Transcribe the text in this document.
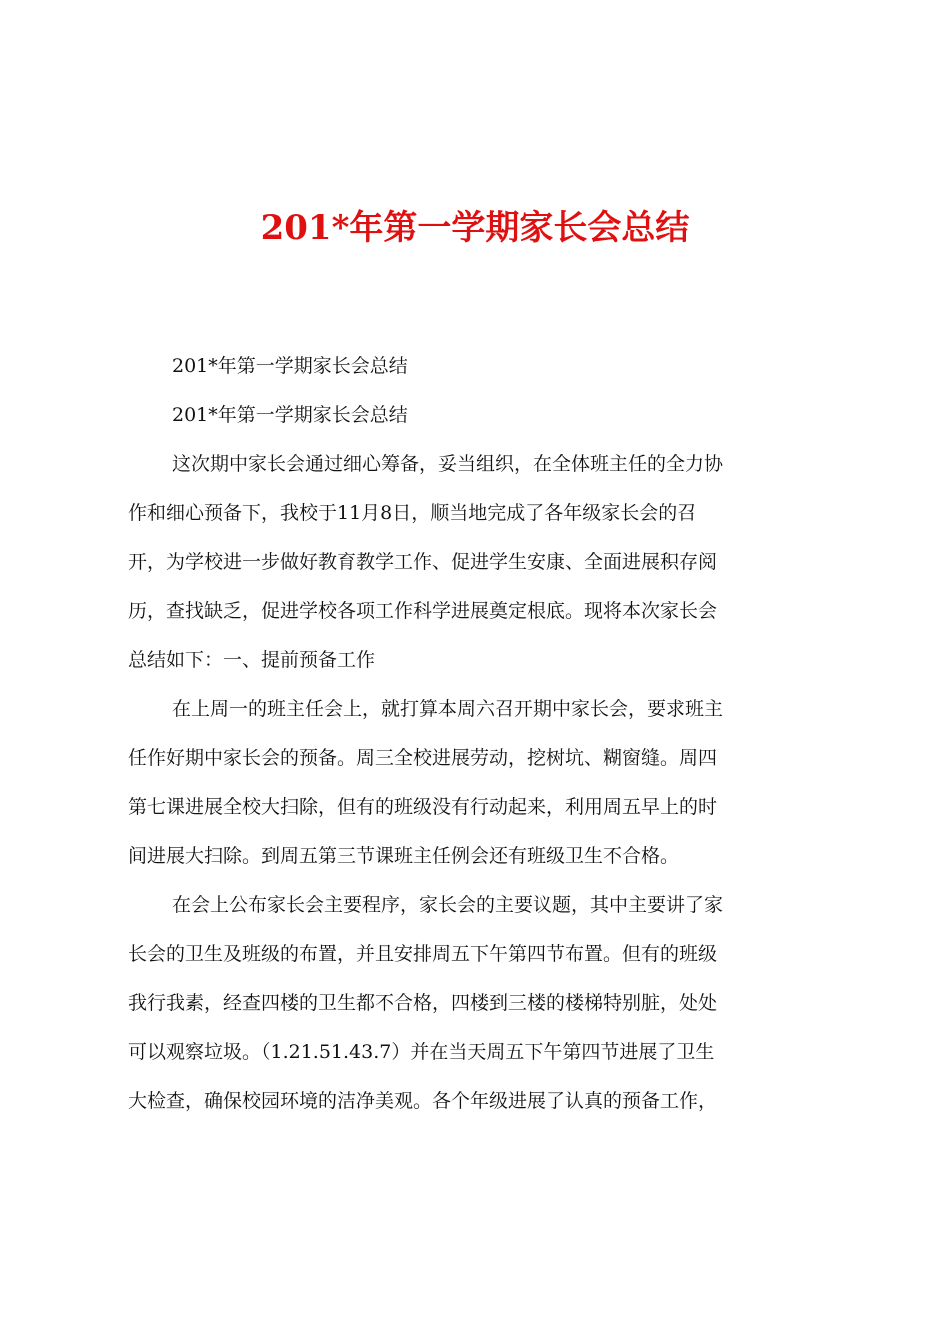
201*年第一学期家长会总结
201*年第一学期家长会总结
201*年第一学期家长会总结
这次期中家长会通过细心筹备，妥当组织，在全体班主任的全力协
作和细心预备下，我校于11月8日，顺当地完成了各年级家长会的召
开，为学校进一步做好教育教学工作、促进学生安康、全面进展积存阅
历，查找缺乏，促进学校各项工作科学进展奠定根底。现将本次家长会
总结如下：一、提前预备工作
在上周一的班主任会上，就打算本周六召开期中家长会，要求班主
任作好期中家长会的预备。周三全校进展劳动，挖树坑、糊窗缝。周四
第七课进展全校大扫除，但有的班级没有行动起来，利用周五早上的时
间进展大扫除。到周五第三节课班主任例会还有班级卫生不合格。
在会上公布家长会主要程序，家长会的主要议题，其中主要讲了家
长会的卫生及班级的布置，并且安排周五下午第四节布置。但有的班级
我行我素，经查四楼的卫生都不合格，四楼到三楼的楼梯特别脏，处处
可以观察垃圾。（1.21.51.43.7）并在当天周五下午第四节进展了卫生
大检查，确保校园环境的洁净美观。各个年级进展了认真的预备工作，
